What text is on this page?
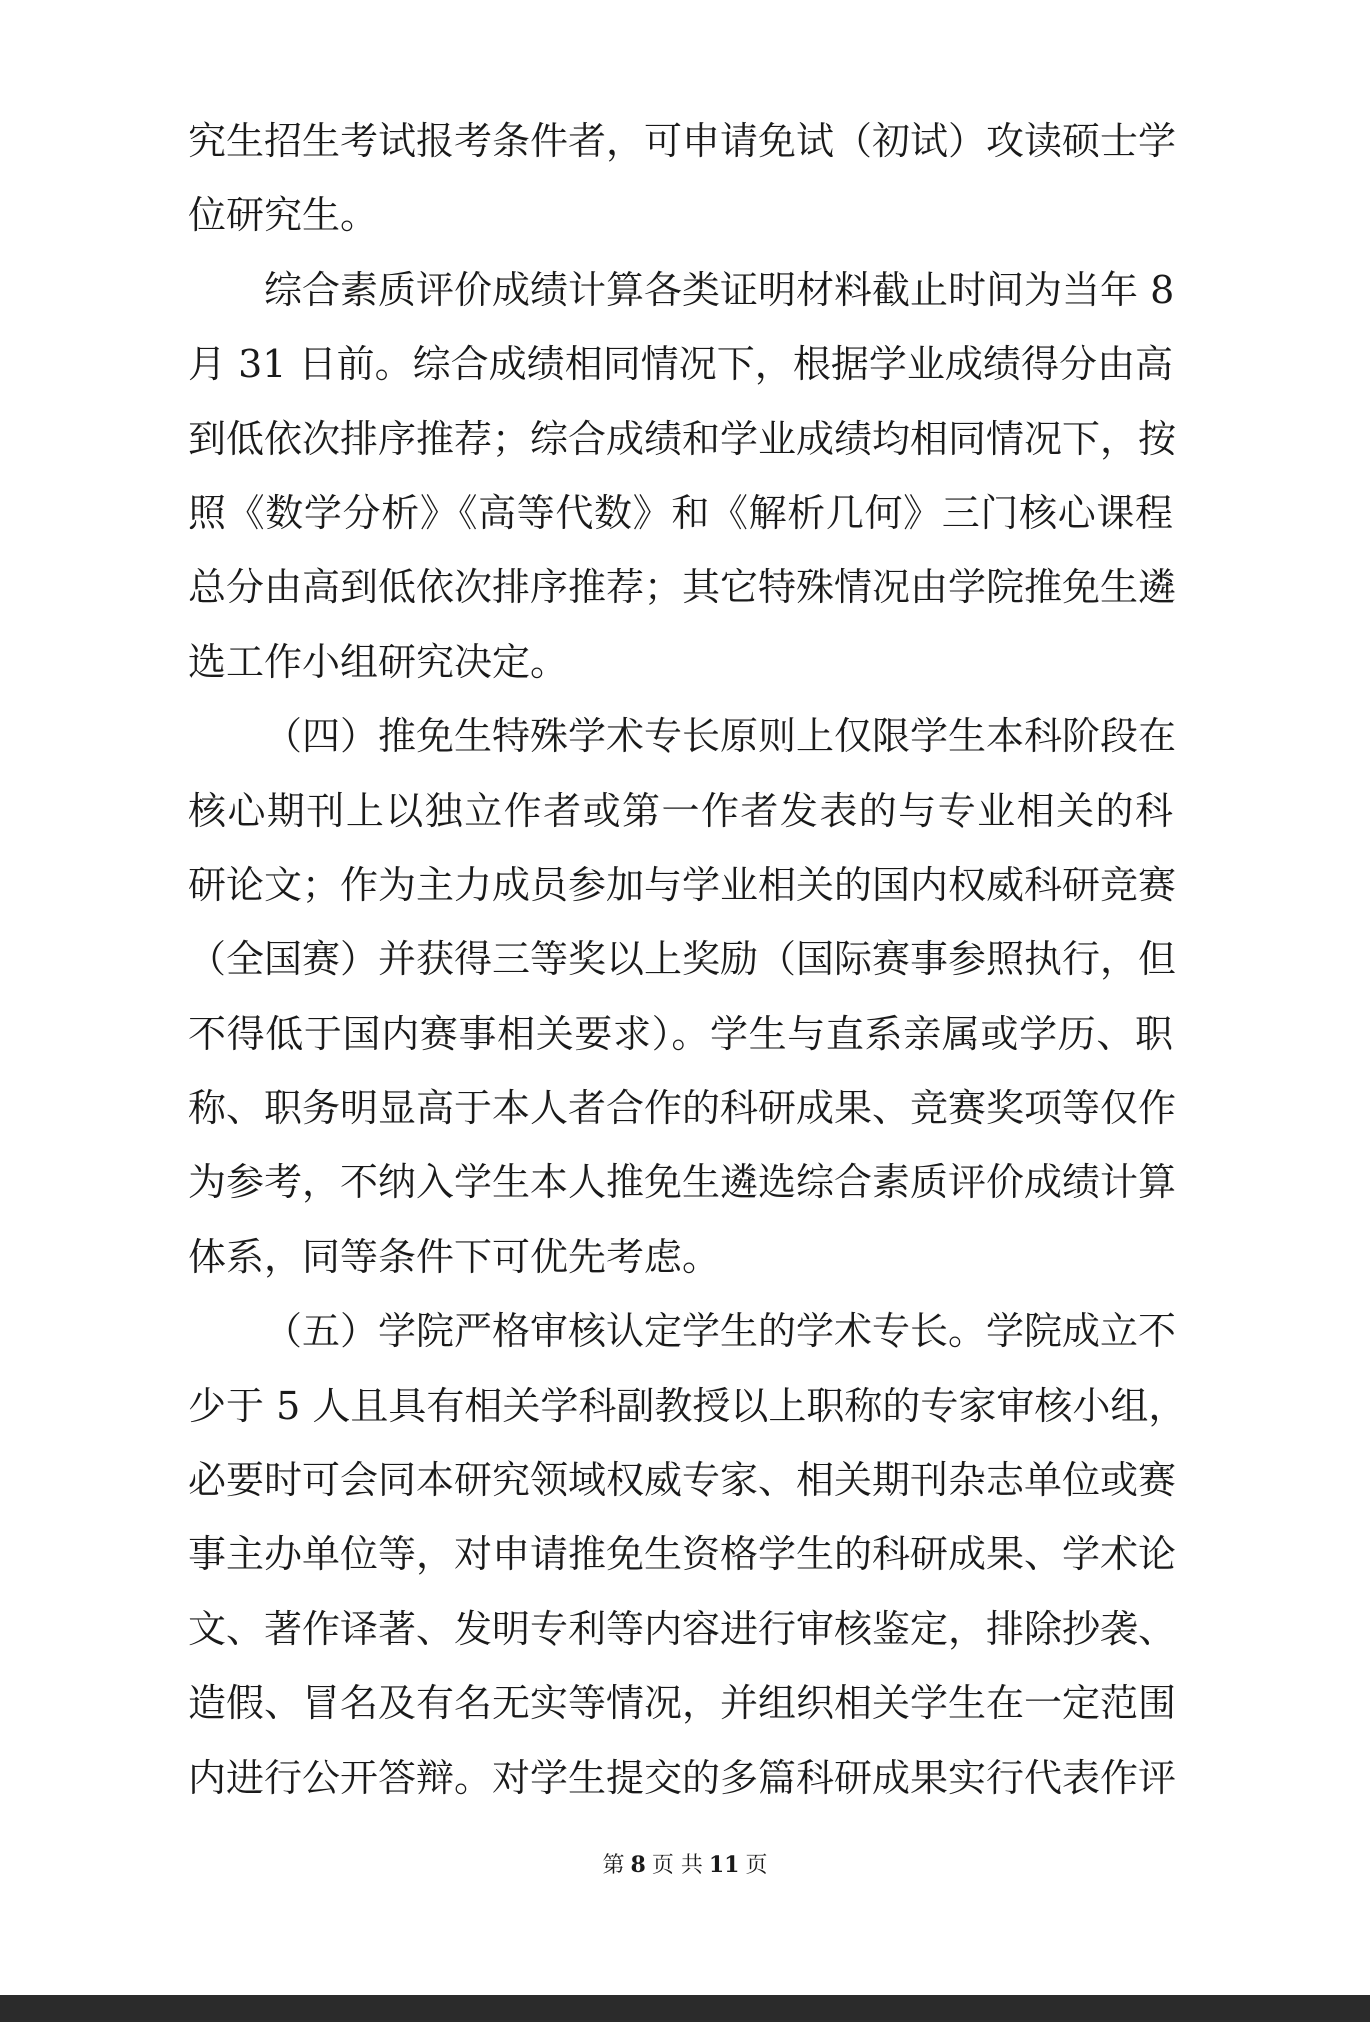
究生招生考试报考条件者，可申请免试（初试）攻读硕士学
位研究生。
综合素质评价成绩计算各类证明材料截止时间为当年 8
月 31 日前。综合成绩相同情况下，根据学业成绩得分由高
到低依次排序推荐；综合成绩和学业成绩均相同情况下，按
照《数学分析》《高等代数》和《解析几何》三门核心课程
总分由高到低依次排序推荐；其它特殊情况由学院推免生遴
选工作小组研究决定。
（四）推免生特殊学术专长原则上仅限学生本科阶段在
核心期刊上以独立作者或第一作者发表的与专业相关的科
研论文；作为主力成员参加与学业相关的国内权威科研竞赛
（全国赛）并获得三等奖以上奖励（国际赛事参照执行，但
不得低于国内赛事相关要求）。学生与直系亲属或学历、职
称、职务明显高于本人者合作的科研成果、竞赛奖项等仅作
为参考，不纳入学生本人推免生遴选综合素质评价成绩计算
体系，同等条件下可优先考虑。
（五）学院严格审核认定学生的学术专长。学院成立不
少于 5 人且具有相关学科副教授以上职称的专家审核小组，
必要时可会同本研究领域权威专家、相关期刊杂志单位或赛
事主办单位等，对申请推免生资格学生的科研成果、学术论
文、著作译著、发明专利等内容进行审核鉴定，排除抄袭、
造假、冒名及有名无实等情况，并组织相关学生在一定范围
内进行公开答辩。对学生提交的多篇科研成果实行代表作评
第 8 页 共 11 页
